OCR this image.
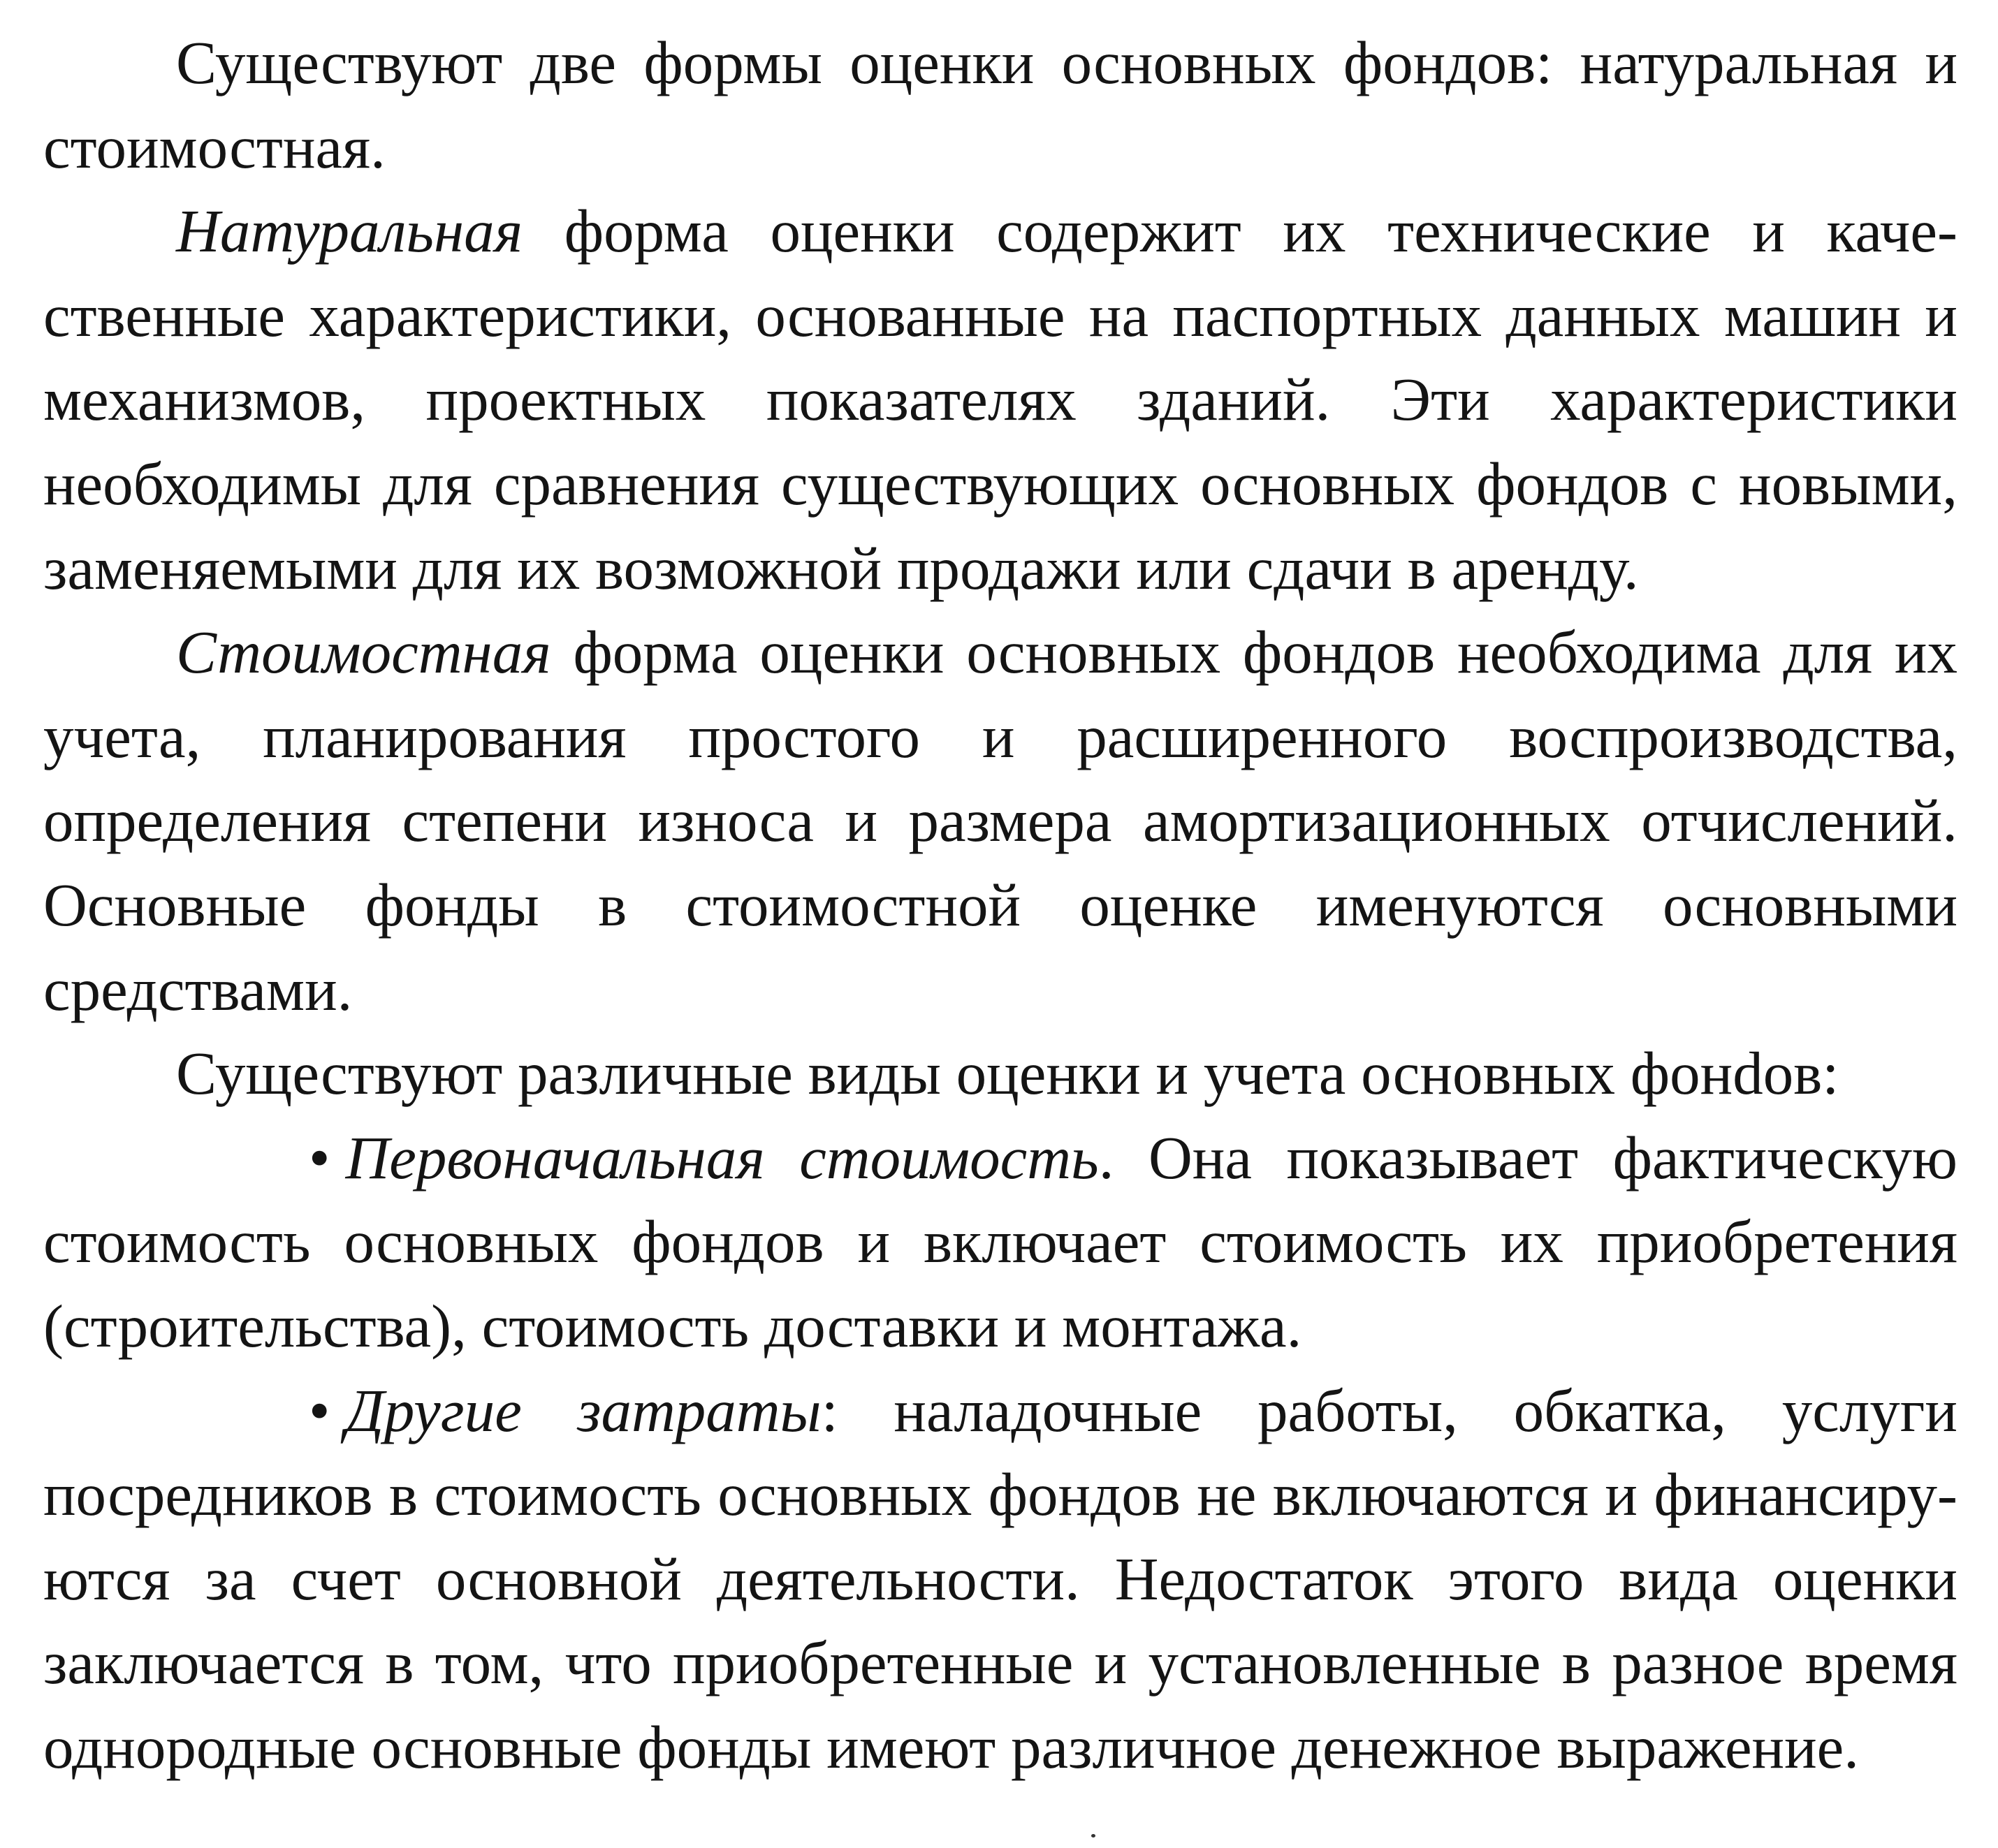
Существуют две формы оценки основных фондов: натуральная и стоимостная.

Натуральная форма оценки содержит их технические и качественные характеристики, основанные на паспортных данных машин и механизмов, проектных показателях зданий. Эти характеристики необходимы для сравнения существующих основных фондов с новыми, заменяемыми для их возможной продажи или сдачи в аренду.

Стоимостная форма оценки основных фондов необходима для их учета, планирования простого и расширенного воспроизводства, определения степени износа и размера амортизационных отчислений. Основные фонды в стоимостной оценке именуются основными средствами.

Существуют различные виды оценки и учета основных фонdов:

• Первоначальная стоимость. Она показывает фактическую стоимость основных фондов и включает стоимость их приобретения (строительства), стоимость доставки и монтажа.

• Другие затраты: наладочные работы, обкатка, услуги посредников в стоимость основных фондов не включаются и финансируются за счет основной деятельности. Недостаток этого вида оценки заключается в том, что приобретенные и установленные в разное время однородные основные фонды имеют различное денежное выражение.
